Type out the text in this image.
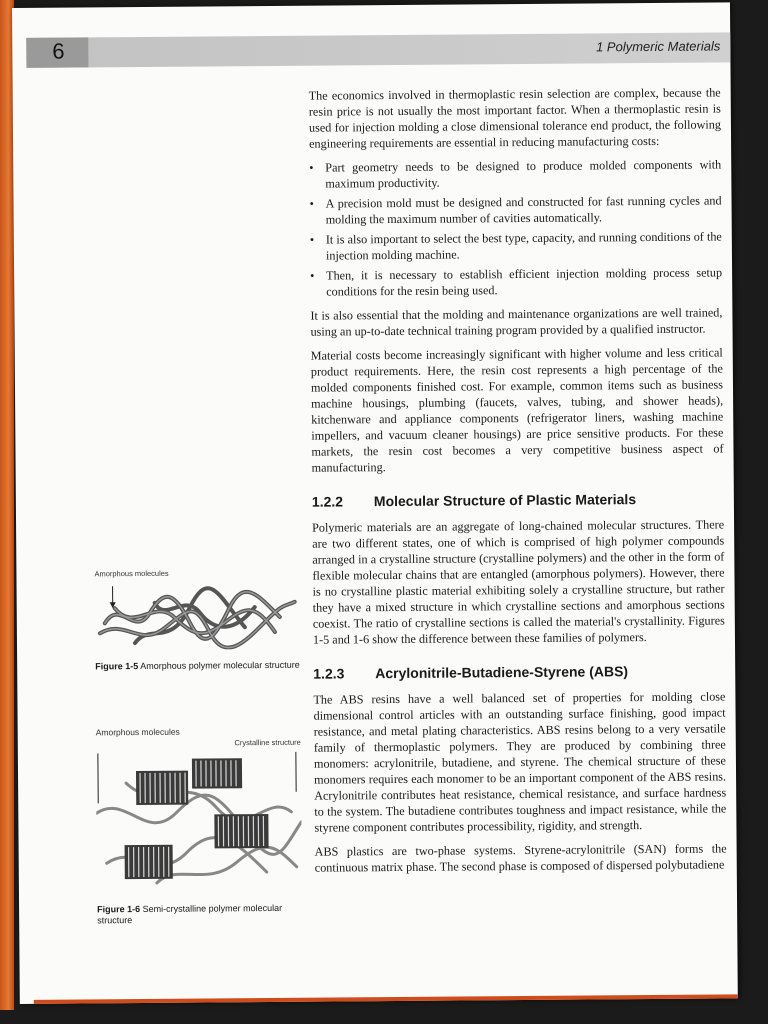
6	1 Polymeric Materials

The economics involved in thermoplastic resin selection are complex, because the resin price is not usually the most important factor. When a thermoplastic resin is used for injection molding a close dimensional tolerance end product, the following engineering requirements are essential in reducing manufacturing costs:

• Part geometry needs to be designed to produce molded components with maximum productivity.
• A precision mold must be designed and constructed for fast running cycles and molding the maximum number of cavities automatically.
• It is also important to select the best type, capacity, and running conditions of the injection molding machine.
• Then, it is necessary to establish efficient injection molding process setup conditions for the resin being used.

It is also essential that the molding and maintenance organizations are well trained, using an up-to-date technical training program provided by a qualified instructor.

Material costs become increasingly significant with higher volume and less critical product requirements. Here, the resin cost represents a high percentage of the molded components finished cost. For example, common items such as business machine housings, plumbing (faucets, valves, tubing, and shower heads), kitchenware and appliance components (refrigerator liners, washing machine impellers, and vacuum cleaner housings) are price sensitive products. For these markets, the resin cost becomes a very competitive business aspect of manufacturing.

1.2.2 Molecular Structure of Plastic Materials

Polymeric materials are an aggregate of long-chained molecular structures. There are two different states, one of which is comprised of high polymer compounds arranged in a crystalline structure (crystalline polymers) and the other in the form of flexible molecular chains that are entangled (amorphous polymers). However, there is no crystalline plastic material exhibiting solely a crystalline structure, but rather they have a mixed structure in which crystalline sections and amorphous sections coexist. The ratio of crystalline sections is called the material's crystallinity. Figures 1-5 and 1-6 show the difference between these families of polymers.

1.2.3 Acrylonitrile-Butadiene-Styrene (ABS)

The ABS resins have a well balanced set of properties for molding close dimensional control articles with an outstanding surface finishing, good impact resistance, and metal plating characteristics. ABS resins belong to a very versatile family of thermoplastic polymers. They are produced by combining three monomers: acrylonitrile, butadiene, and styrene. The chemical structure of these monomers requires each monomer to be an important component of the ABS resins. Acrylonitrile contributes heat resistance, chemical resistance, and surface hardness to the system. The butadiene contributes toughness and impact resistance, while the styrene component contributes processibility, rigidity, and strength.

ABS plastics are two-phase systems. Styrene-acrylonitrile (SAN) forms the continuous matrix phase. The second phase is composed of dispersed polybutadiene

Amorphous molecules
Figure 1-5 Amorphous polymer molecular structure
Amorphous molecules
Crystalline structure
Figure 1-6 Semi-crystalline polymer molecular structure
